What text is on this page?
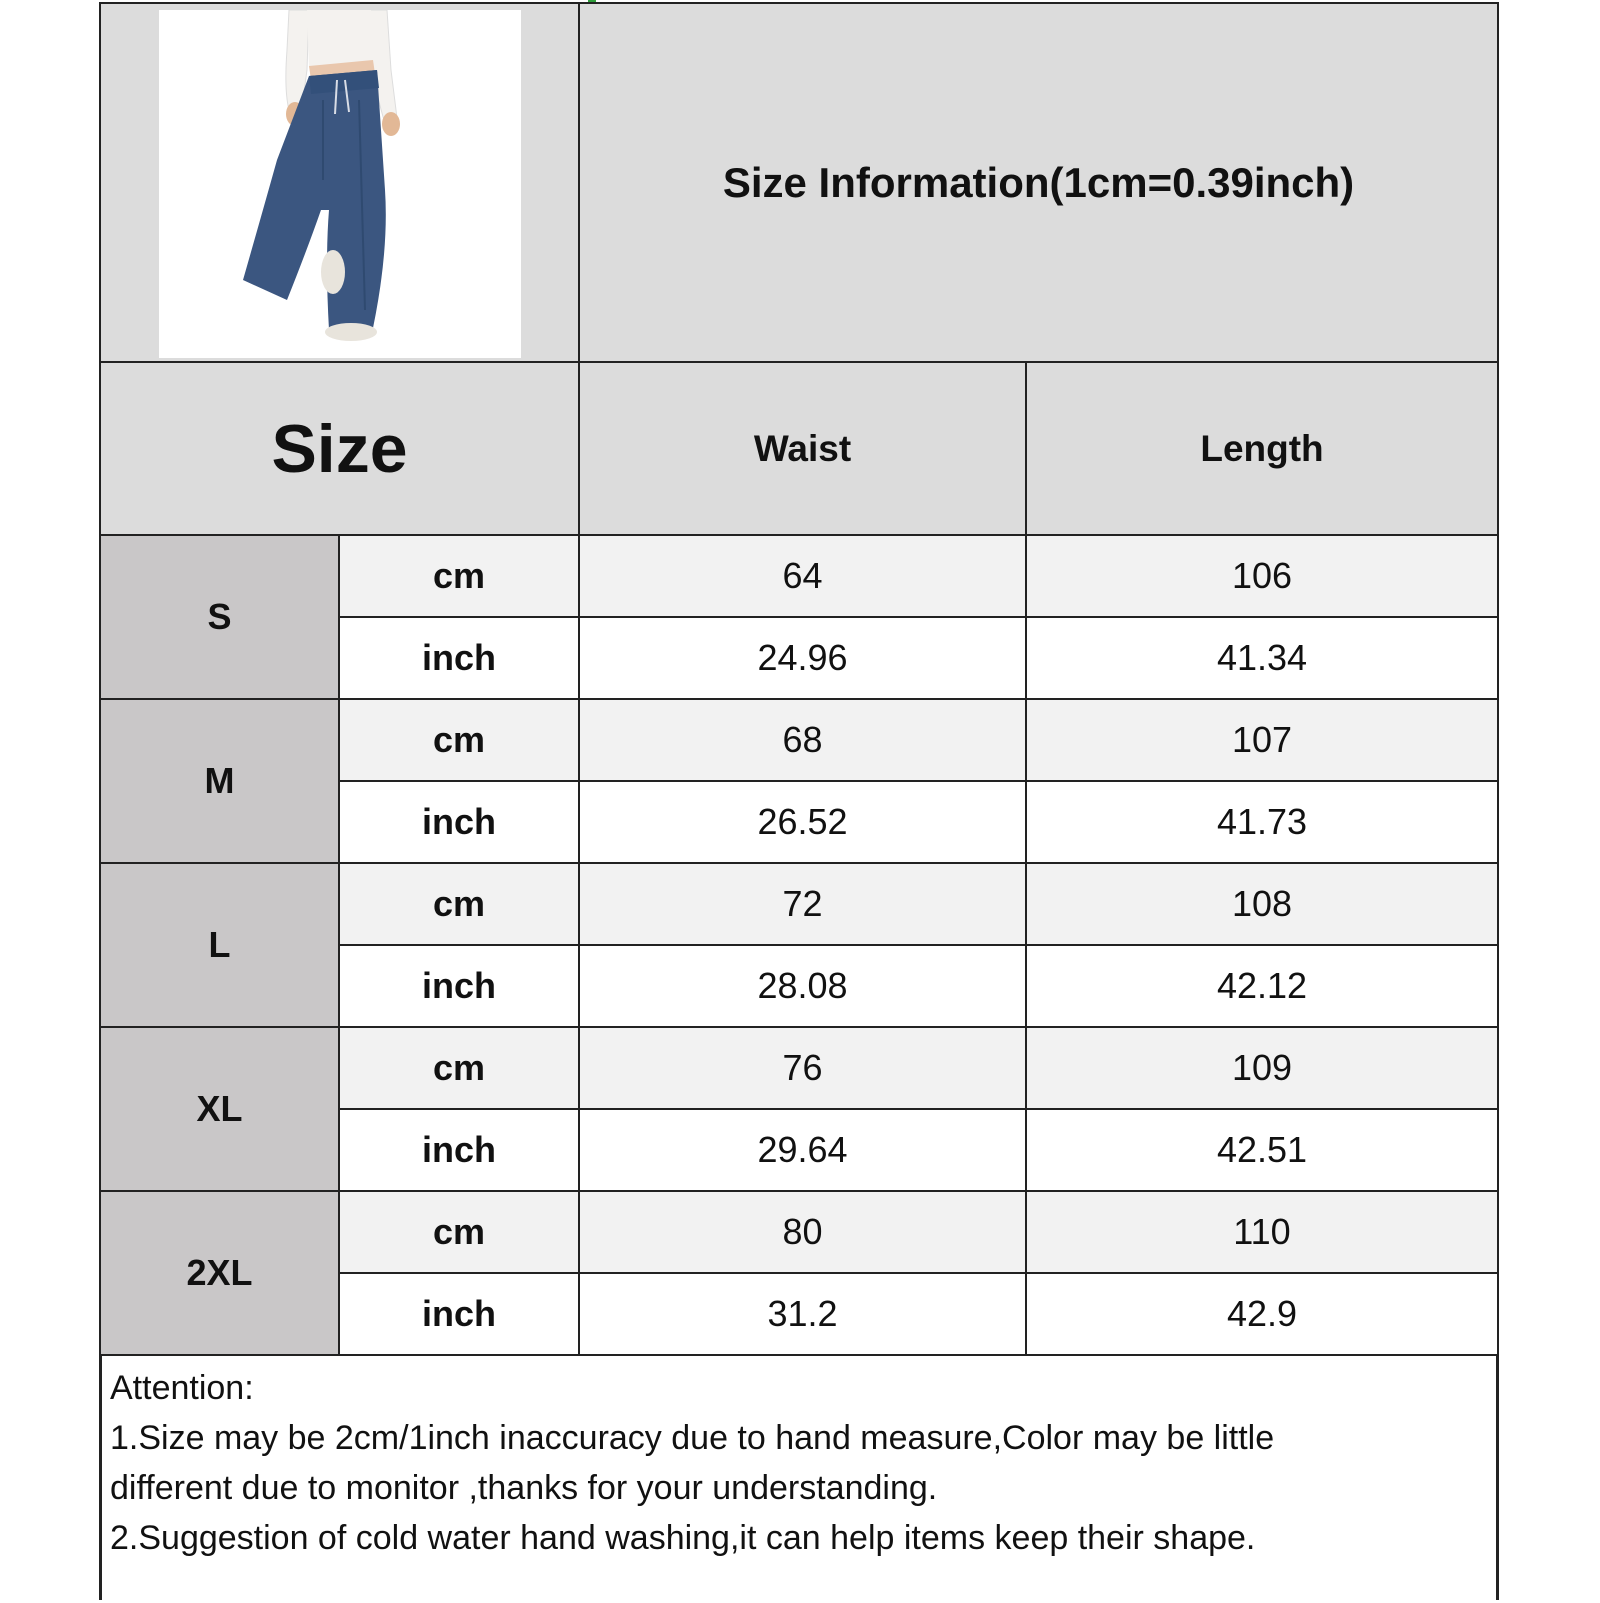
Size Information(1cm=0.39inch)
Size	Waist	Length
S
cm	64	106
inch	24.96	41.34
M
cm	68	107
inch	26.52	41.73
L
cm	72	108
inch	28.08	42.12
XL
cm	76	109
inch	29.64	42.51
2XL
cm	80	110
inch	31.2	42.9
Attention:
1.Size may be 2cm/1inch inaccuracy due to hand measure,Color may be little
different due to monitor ,thanks for your understanding.
2.Suggestion of cold water hand washing,it can help items keep their shape.
